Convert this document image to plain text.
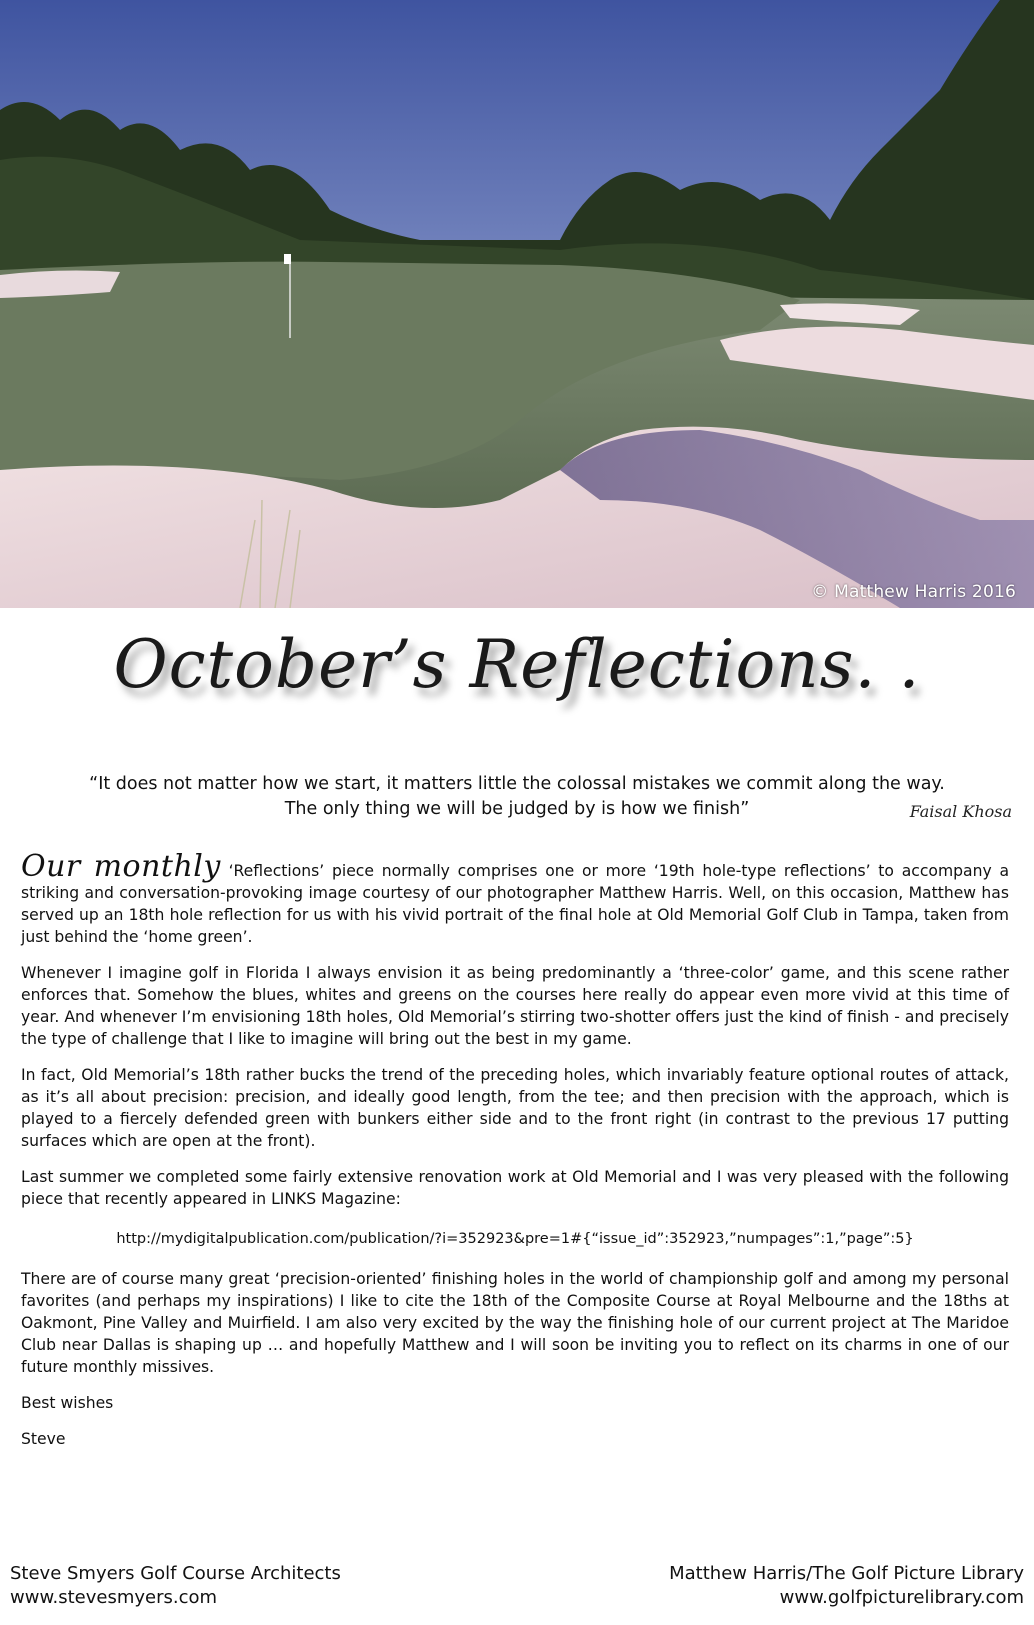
© Matthew Harris 2016
October’s Reflections. .
“It does not matter how we start, it matters little the colossal mistakes we commit along the way.
The only thing we will be judged by is how we finish”	Faisal Khosa

Our monthly ‘Reflections’ piece normally comprises one or more ‘19th hole-type reflections’ to accompany a striking and conversation-provoking image courtesy of our photographer Matthew Harris. Well, on this occasion, Matthew has served up an 18th hole reflection for us with his vivid portrait of the final hole at Old Memorial Golf Club in Tampa, taken from just behind the ‘home green’.

Whenever I imagine golf in Florida I always envision it as being predominantly a ‘three-color’ game, and this scene rather enforces that. Somehow the blues, whites and greens on the courses here really do appear even more vivid at this time of year. And whenever I’m envisioning 18th holes, Old Memorial’s stirring two-shotter offers just the kind of finish - and precisely the type of challenge that I like to imagine will bring out the best in my game.

In fact, Old Memorial’s 18th rather bucks the trend of the preceding holes, which invariably feature optional routes of attack, as it’s all about precision: precision, and ideally good length, from the tee; and then precision with the approach, which is played to a fiercely defended green with bunkers either side and to the front right (in contrast to the previous 17 putting surfaces which are open at the front).

Last summer we completed some fairly extensive renovation work at Old Memorial and I was very pleased with the following piece that recently appeared in LINKS Magazine:

http://mydigitalpublication.com/publication/?i=352923&pre=1#{“issue_id”:352923,”numpages”:1,”page”:5}

There are of course many great ‘precision-oriented’ finishing holes in the world of championship golf and among my personal favorites (and perhaps my inspirations) I like to cite the 18th of the Composite Course at Royal Melbourne and the 18ths at Oakmont, Pine Valley and Muirfield. I am also very excited by the way the finishing hole of our current project at The Maridoe Club near Dallas is shaping up … and hopefully Matthew and I will soon be inviting you to reflect on its charms in one of our future monthly missives.

Best wishes

Steve

Steve Smyers Golf Course Architects
www.stevesmyers.com
Matthew Harris/The Golf Picture Library
www.golfpicturelibrary.com
